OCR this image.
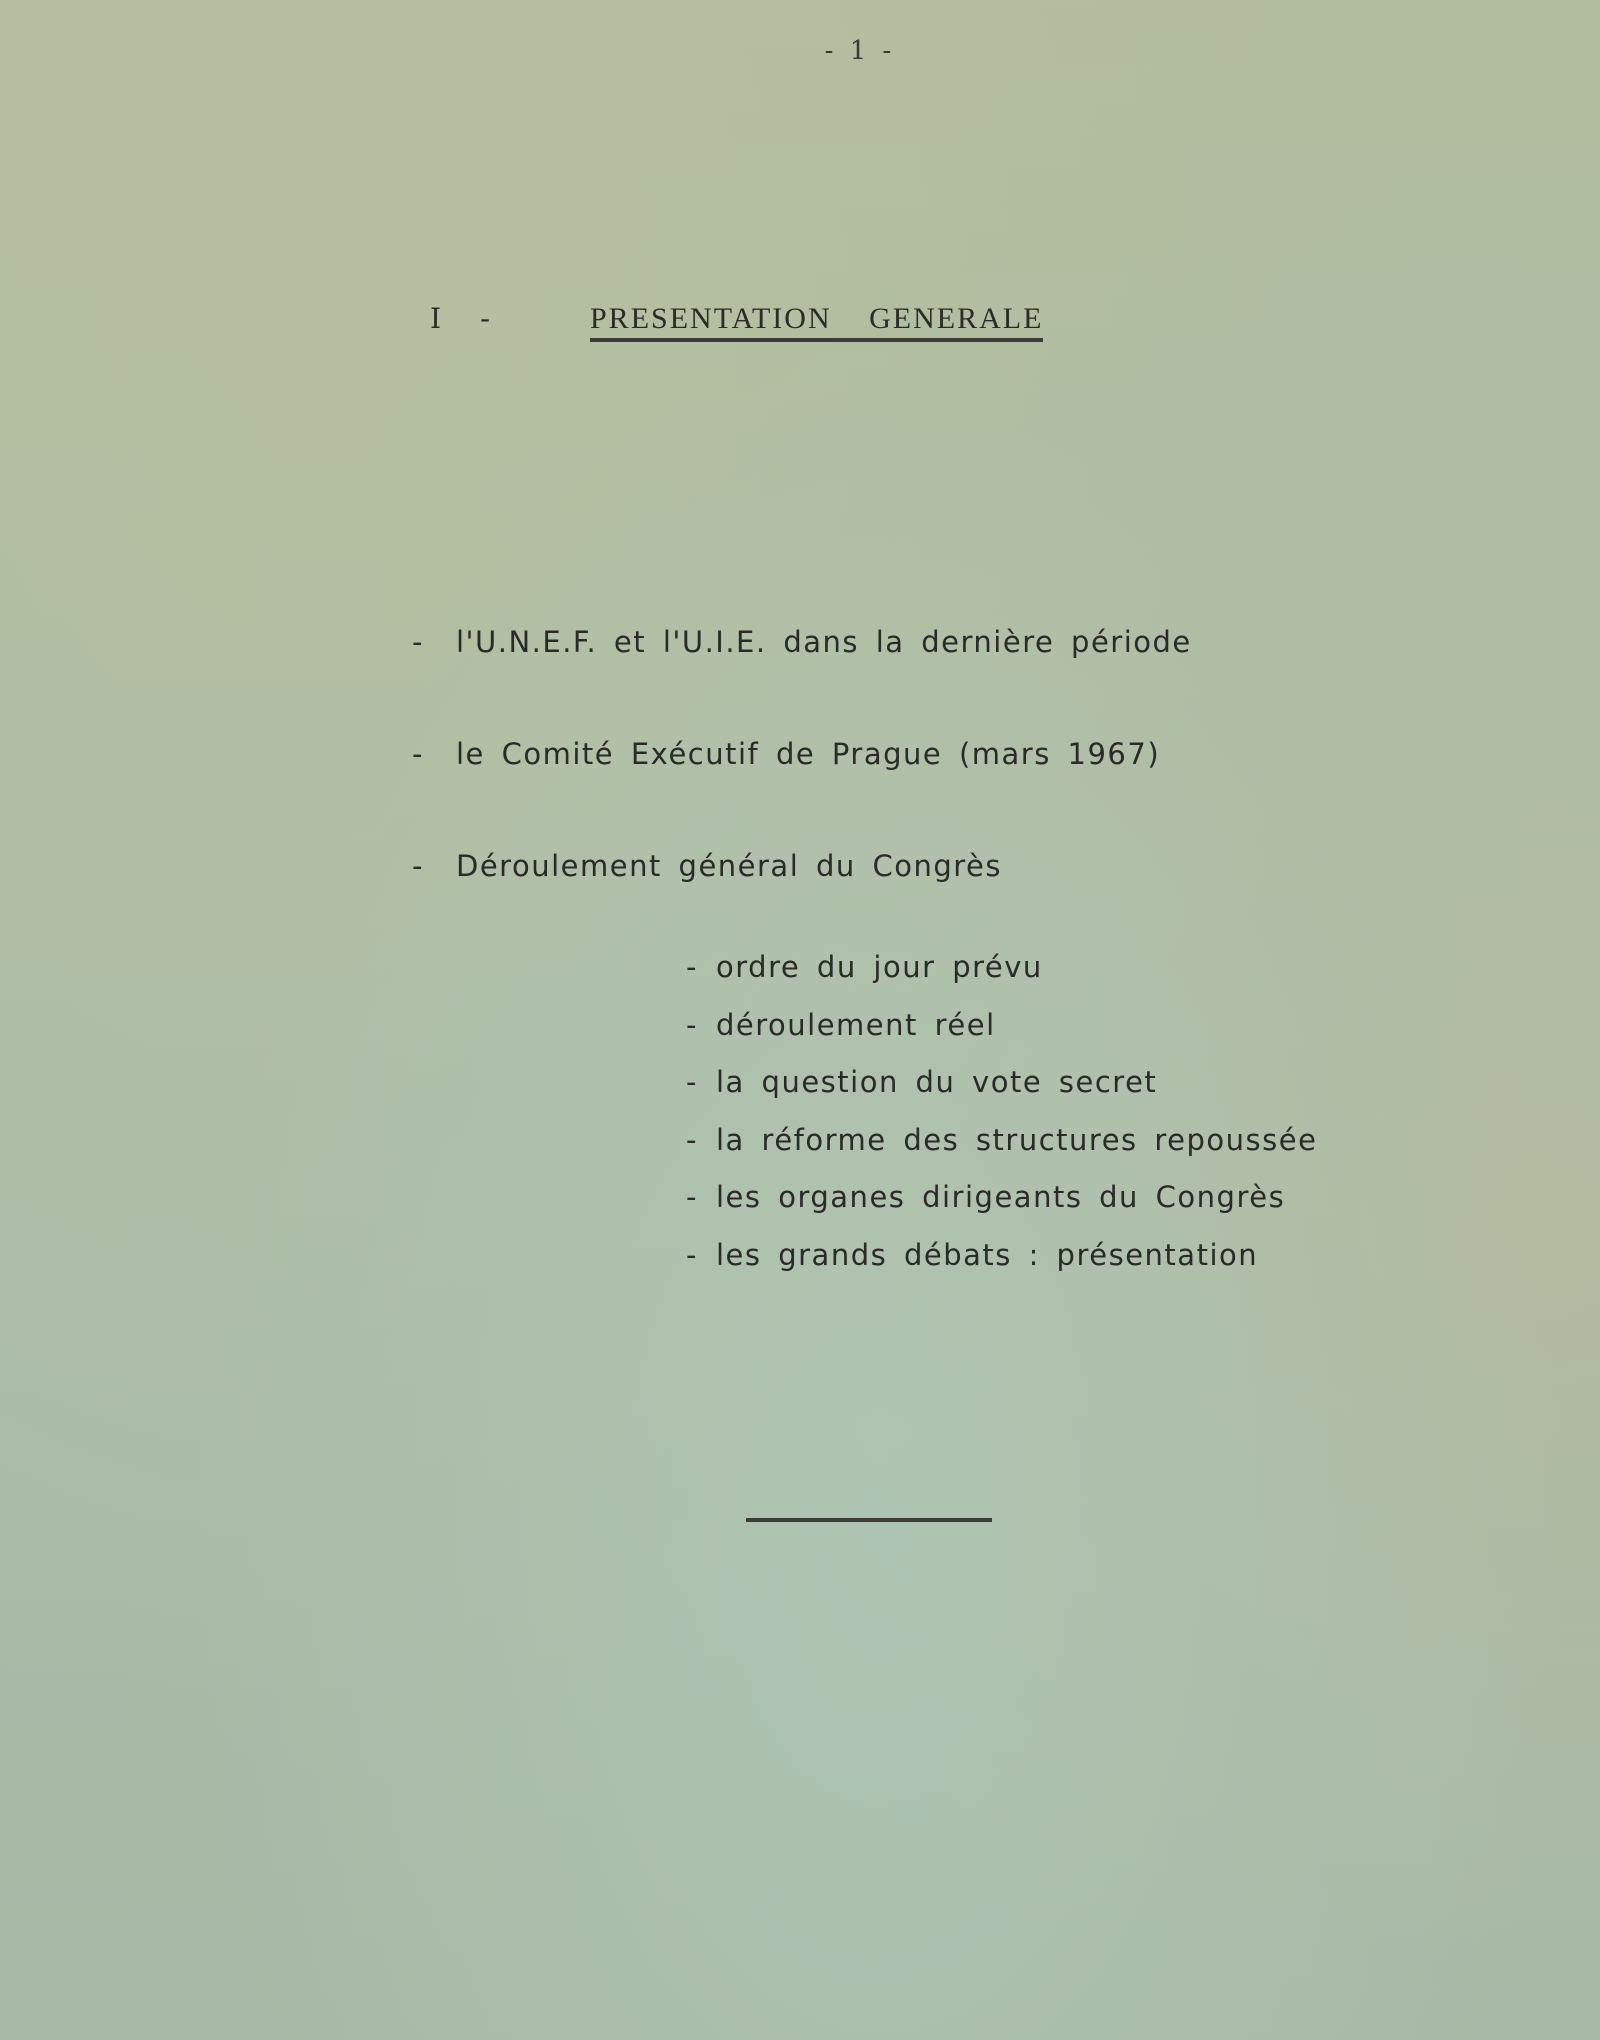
- 1 -
I	-	PRESENTATION GENERALE
-	l'U.N.E.F. et l'U.I.E. dans la dernière période
-	le Comité Exécutif de Prague (mars 1967)
-	Déroulement général du Congrès
- ordre du jour prévu
- déroulement réel
- la question du vote secret
- la réforme des structures repoussée
- les organes dirigeants du Congrès
- les grands débats : présentation
